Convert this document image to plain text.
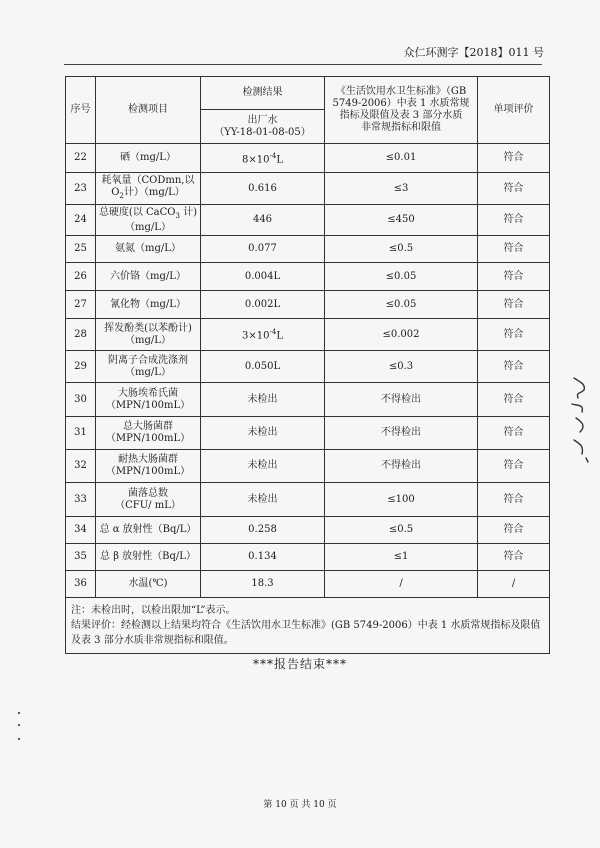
众仁环测字【2018】011 号
序号	检测项目	检测结果	《生活饮用水卫生标准》（GB
5749-2006）中表 1 水质常规
指标及限值及表 3 部分水质
非常规指标和限值	单项评价

		出厂水
（YY-18-01-08-05）		

22	硒（mg/L）	$8\times 10^{-4}L$	≤0.01	符合
23	耗氧量（CODmn,以
$O_2$计）（mg/L）	0.616	≤3	符合
24	总硬度(以 CaCO$_3$ 计)
（mg/L）	446	≤450	符合
25	氨氮（mg/L）	0.077	≤0.5	符合
26	六价铬（mg/L）	0.004L	≤0.05	符合
27	氰化物（mg/L）	0.002L	≤0.05	符合
28	挥发酚类(以苯酚计)
（mg/L）	$3\times 10^{-4}L$	≤0.002	符合
29	阴离子合成洗涤剂
（mg/L）	0.050L	≤0.3	符合
30	大肠埃希氏菌
（MPN/100mL）	未检出	不得检出	符合
31	总大肠菌群
（MPN/100mL）	未检出	不得检出	符合
32	耐热大肠菌群
（MPN/100mL）	未检出	不得检出	符合
33	菌落总数
（CFU/ mL）	未检出	≤100	符合
34	总 α 放射性（Bq/L）	0.258	≤0.5	符合
35	总 β 放射性（Bq/L）	0.134	≤1	符合
36	水温(℃)	18.3	/	/

注：未检出时，以检出限加“L”表示。
结果评价：经检测以上结果均符合《生活饮用水卫生标准》(GB 5749-2006）中表 1 水质常规指标及限值
及表 3 部分水质非常规指标和限值。				
***报告结束***
第 10 页 共 10 页
